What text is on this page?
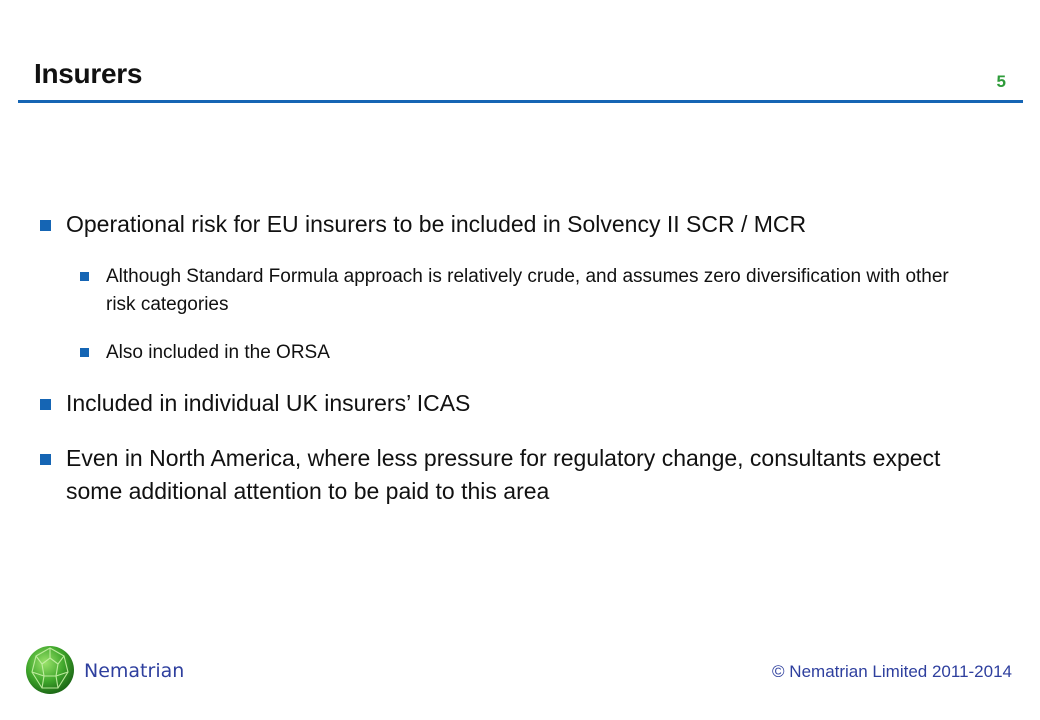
Insurers	5
Operational risk for EU insurers to be included in Solvency II SCR / MCR
Although Standard Formula approach is relatively crude, and assumes zero diversification with other risk categories
Also included in the ORSA
Included in individual UK insurers’ ICAS
Even in North America, where less pressure for regulatory change, consultants expect some additional attention to be paid to this area
Nematrian	© Nematrian Limited 2011-2014
